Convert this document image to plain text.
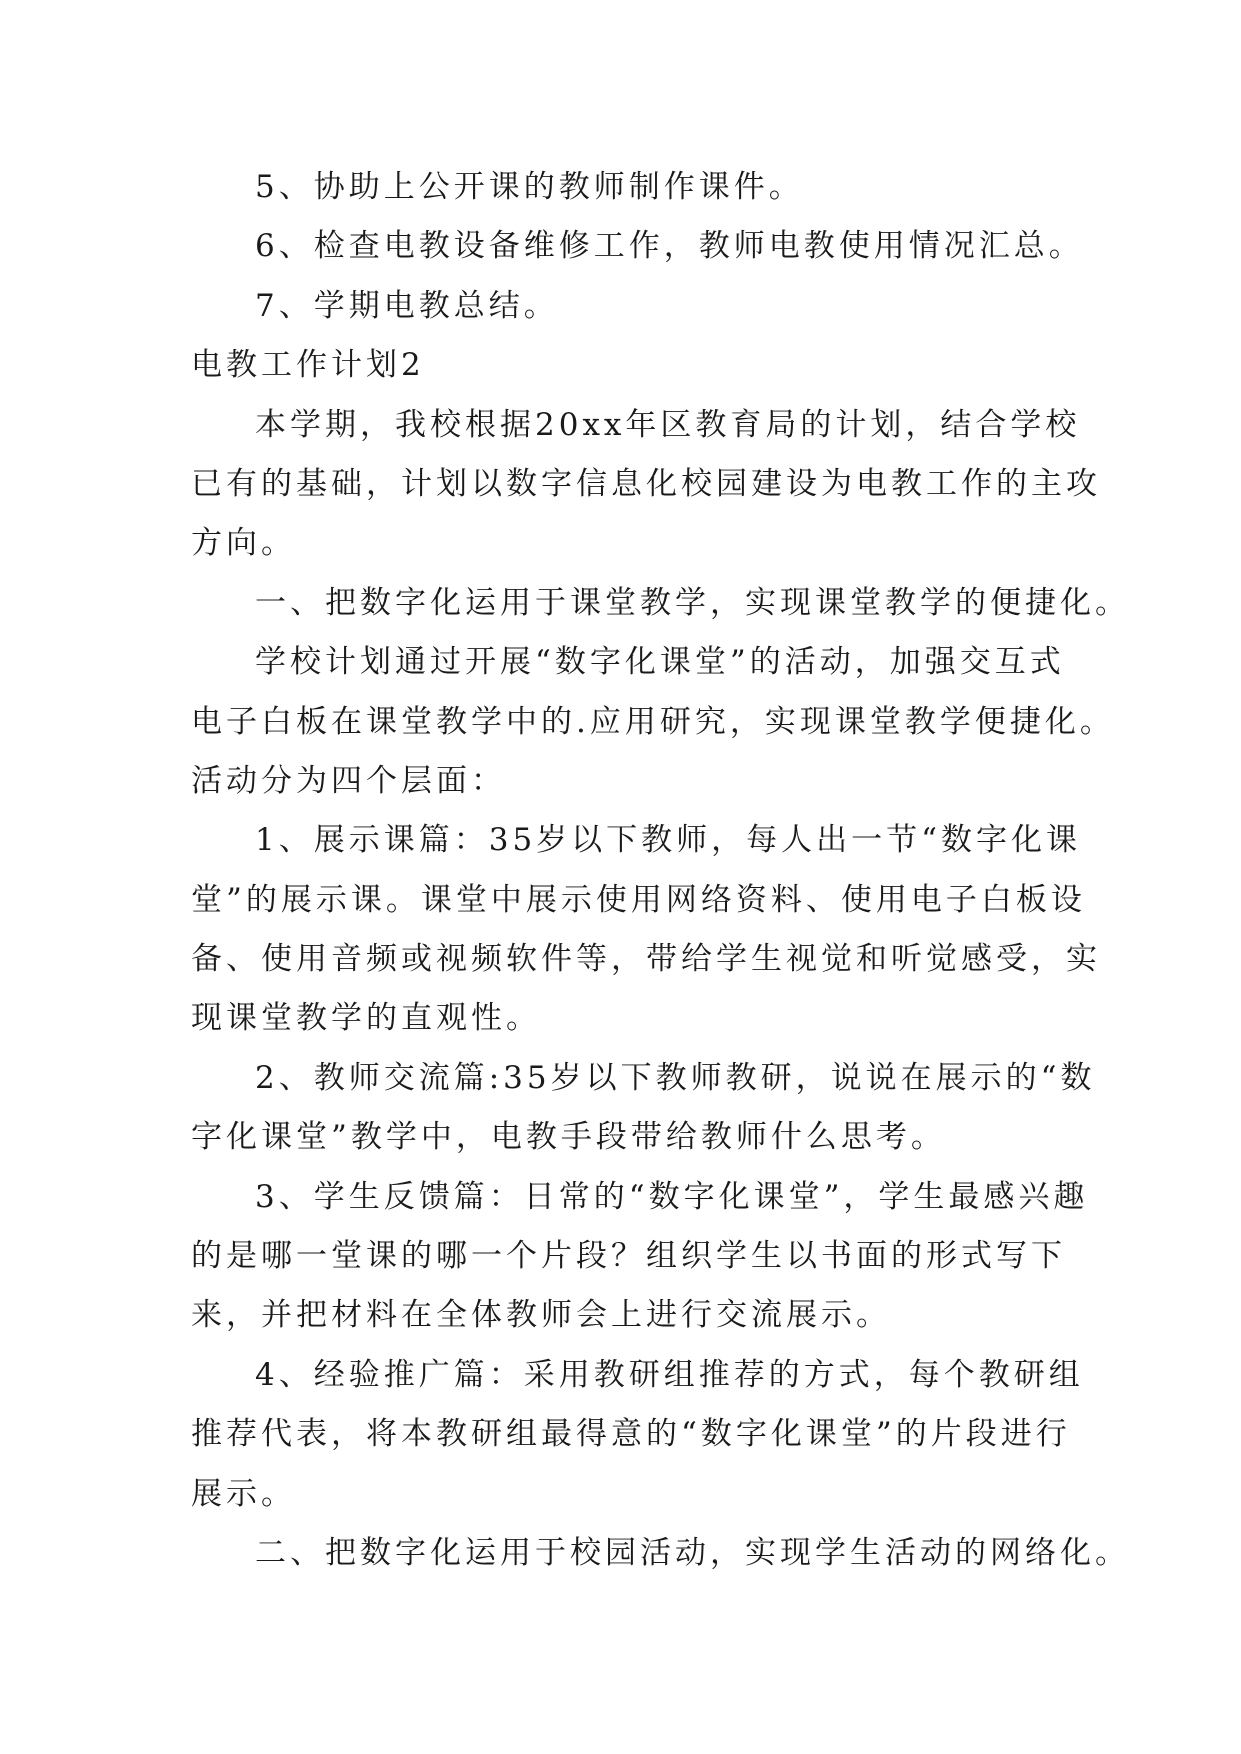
5、协助上公开课的教师制作课件。
6、检查电教设备维修工作，教师电教使用情况汇总。
7、学期电教总结。
电教工作计划2
本学期，我校根据20xx年区教育局的计划，结合学校
已有的基础，计划以数字信息化校园建设为电教工作的主攻
方向。
一、把数字化运用于课堂教学，实现课堂教学的便捷化。
学校计划通过开展“数字化课堂”的活动，加强交互式
电子白板在课堂教学中的.应用研究，实现课堂教学便捷化。
活动分为四个层面：
1、展示课篇：35岁以下教师，每人出一节“数字化课
堂”的展示课。课堂中展示使用网络资料、使用电子白板设
备、使用音频或视频软件等，带给学生视觉和听觉感受，实
现课堂教学的直观性。
2、教师交流篇:35岁以下教师教研，说说在展示的“数
字化课堂”教学中，电教手段带给教师什么思考。
3、学生反馈篇：日常的“数字化课堂”，学生最感兴趣
的是哪一堂课的哪一个片段？组织学生以书面的形式写下
来，并把材料在全体教师会上进行交流展示。
4、经验推广篇：采用教研组推荐的方式，每个教研组
推荐代表，将本教研组最得意的“数字化课堂”的片段进行
展示。
二、把数字化运用于校园活动，实现学生活动的网络化。
